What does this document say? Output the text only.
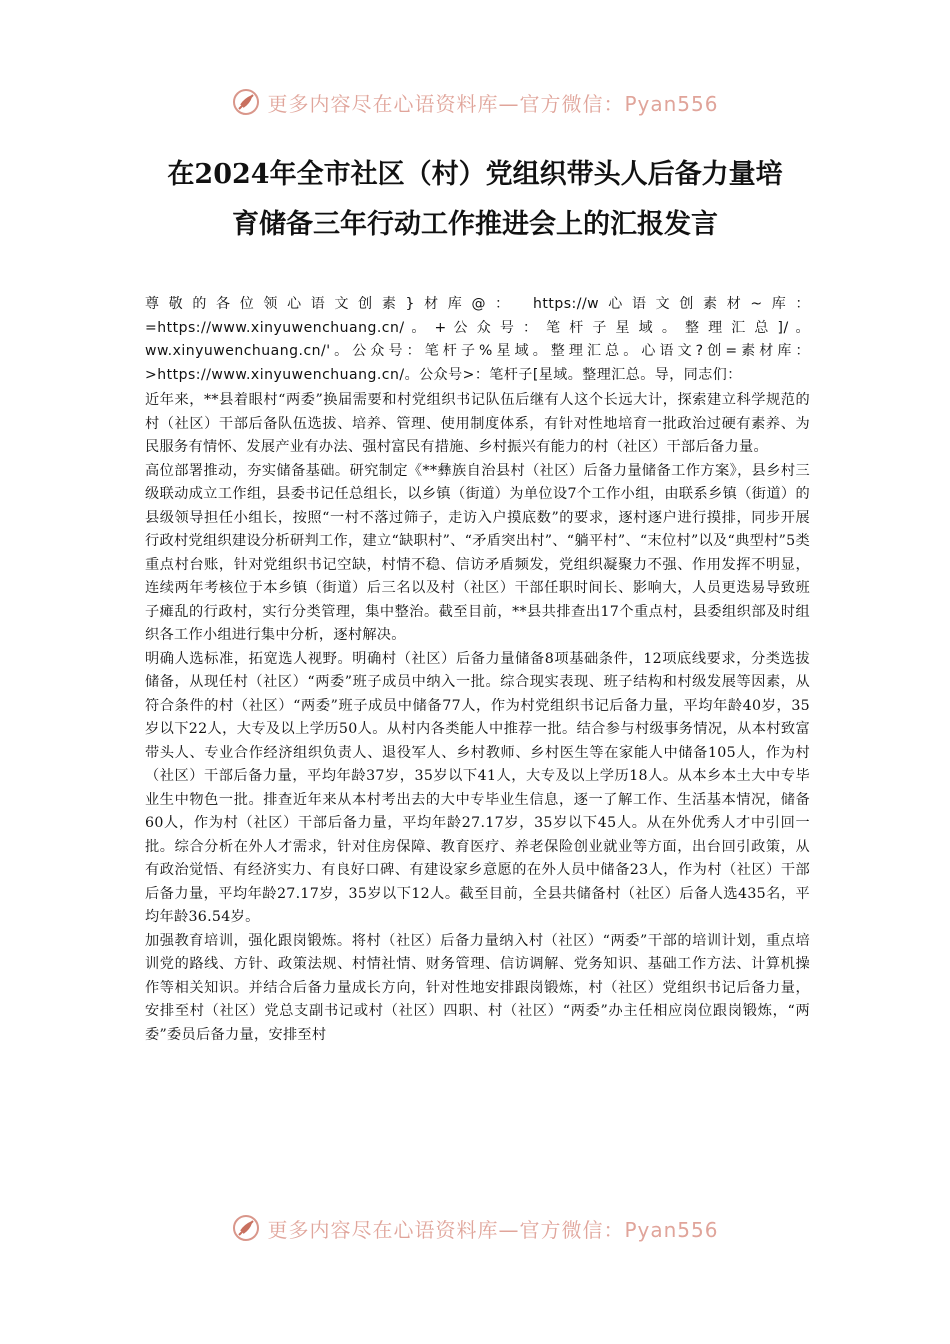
更多内容尽在心语资料库—官方微信：Pyan556
在2024年全市社区（村）党组织带头人后备力量培
育储备三年行动工作推进会上的汇报发言

尊敬的各位领心语文创素}材库@： https://w心语文创素材~库： =https://www.xinyuwenchuang.cn/ 。 + 公 众 号 ： 笔 杆 子 星 域 。 整 理 汇 总 ]/ 。 ww.xinyuwenchuang.cn/'。公众号：笔杆子%星域。整理汇总。心语文?创=素材库：>https://www.xinyuwenchuang.cn/。公众号>：笔杆子[星域。整理汇总。导，同志们：

近年来，**县着眼村“两委”换届需要和村党组织书记队伍后继有人这个长远大计，探索建立科学规范的村（社区）干部后备队伍选拔、培养、管理、使用制度体系，有针对性地培育一批政治过硬有素养、为民服务有情怀、发展产业有办法、强村富民有措施、乡村振兴有能力的村（社区）干部后备力量。

高位部署推动，夯实储备基础。研究制定《**彝族自治县村（社区）后备力量储备工作方案》，县乡村三级联动成立工作组，县委书记任总组长，以乡镇（街道）为单位设7个工作小组，由联系乡镇（街道）的县级领导担任小组长，按照“一村不落过筛子，走访入户摸底数”的要求，逐村逐户进行摸排，同步开展行政村党组织建设分析研判工作，建立“缺职村”、“矛盾突出村”、“躺平村”、“末位村”以及“典型村”5类重点村台账，针对党组织书记空缺，村情不稳、信访矛盾频发，党组织凝聚力不强、作用发挥不明显，连续两年考核位于本乡镇（街道）后三名以及村（社区）干部任职时间长、影响大，人员更迭易导致班子瘫乱的行政村，实行分类管理，集中整治。截至目前，**县共排查出17个重点村，县委组织部及时组织各工作小组进行集中分析，逐村解决。

明确人选标准，拓宽选人视野。明确村（社区）后备力量储备8项基础条件，12项底线要求，分类选拔储备，从现任村（社区）“两委”班子成员中纳入一批。综合现实表现、班子结构和村级发展等因素，从符合条件的村（社区）“两委”班子成员中储备77人，作为村党组织书记后备力量，平均年龄40岁，35岁以下22人，大专及以上学历50人。从村内各类能人中推荐一批。结合参与村级事务情况，从本村致富带头人、专业合作经济组织负责人、退役军人、乡村教师、乡村医生等在家能人中储备105人，作为村（社区）干部后备力量，平均年龄37岁，35岁以下41人，大专及以上学历18人。从本乡本土大中专毕业生中物色一批。排查近年来从本村考出去的大中专毕业生信息，逐一了解工作、生活基本情况，储备60人，作为村（社区）干部后备力量，平均年龄27.17岁，35岁以下45人。从在外优秀人才中引回一批。综合分析在外人才需求，针对住房保障、教育医疗、养老保险创业就业等方面，出台回引政策，从有政治觉悟、有经济实力、有良好口碑、有建设家乡意愿的在外人员中储备23人，作为村（社区）干部后备力量，平均年龄27.17岁，35岁以下12人。截至目前，全县共储备村（社区）后备人选435名，平均年龄36.54岁。

加强教育培训，强化跟岗锻炼。将村（社区）后备力量纳入村（社区）“两委”干部的培训计划，重点培训党的路线、方针、政策法规、村情社情、财务管理、信访调解、党务知识、基础工作方法、计算机操作等相关知识。并结合后备力量成长方向，针对性地安排跟岗锻炼，村（社区）党组织书记后备力量，安排至村（社区）党总支副书记或村（社区）四职、村（社区）“两委”办主任相应岗位跟岗锻炼，“两委”委员后备力量，安排至村

更多内容尽在心语资料库—官方微信：Pyan556
